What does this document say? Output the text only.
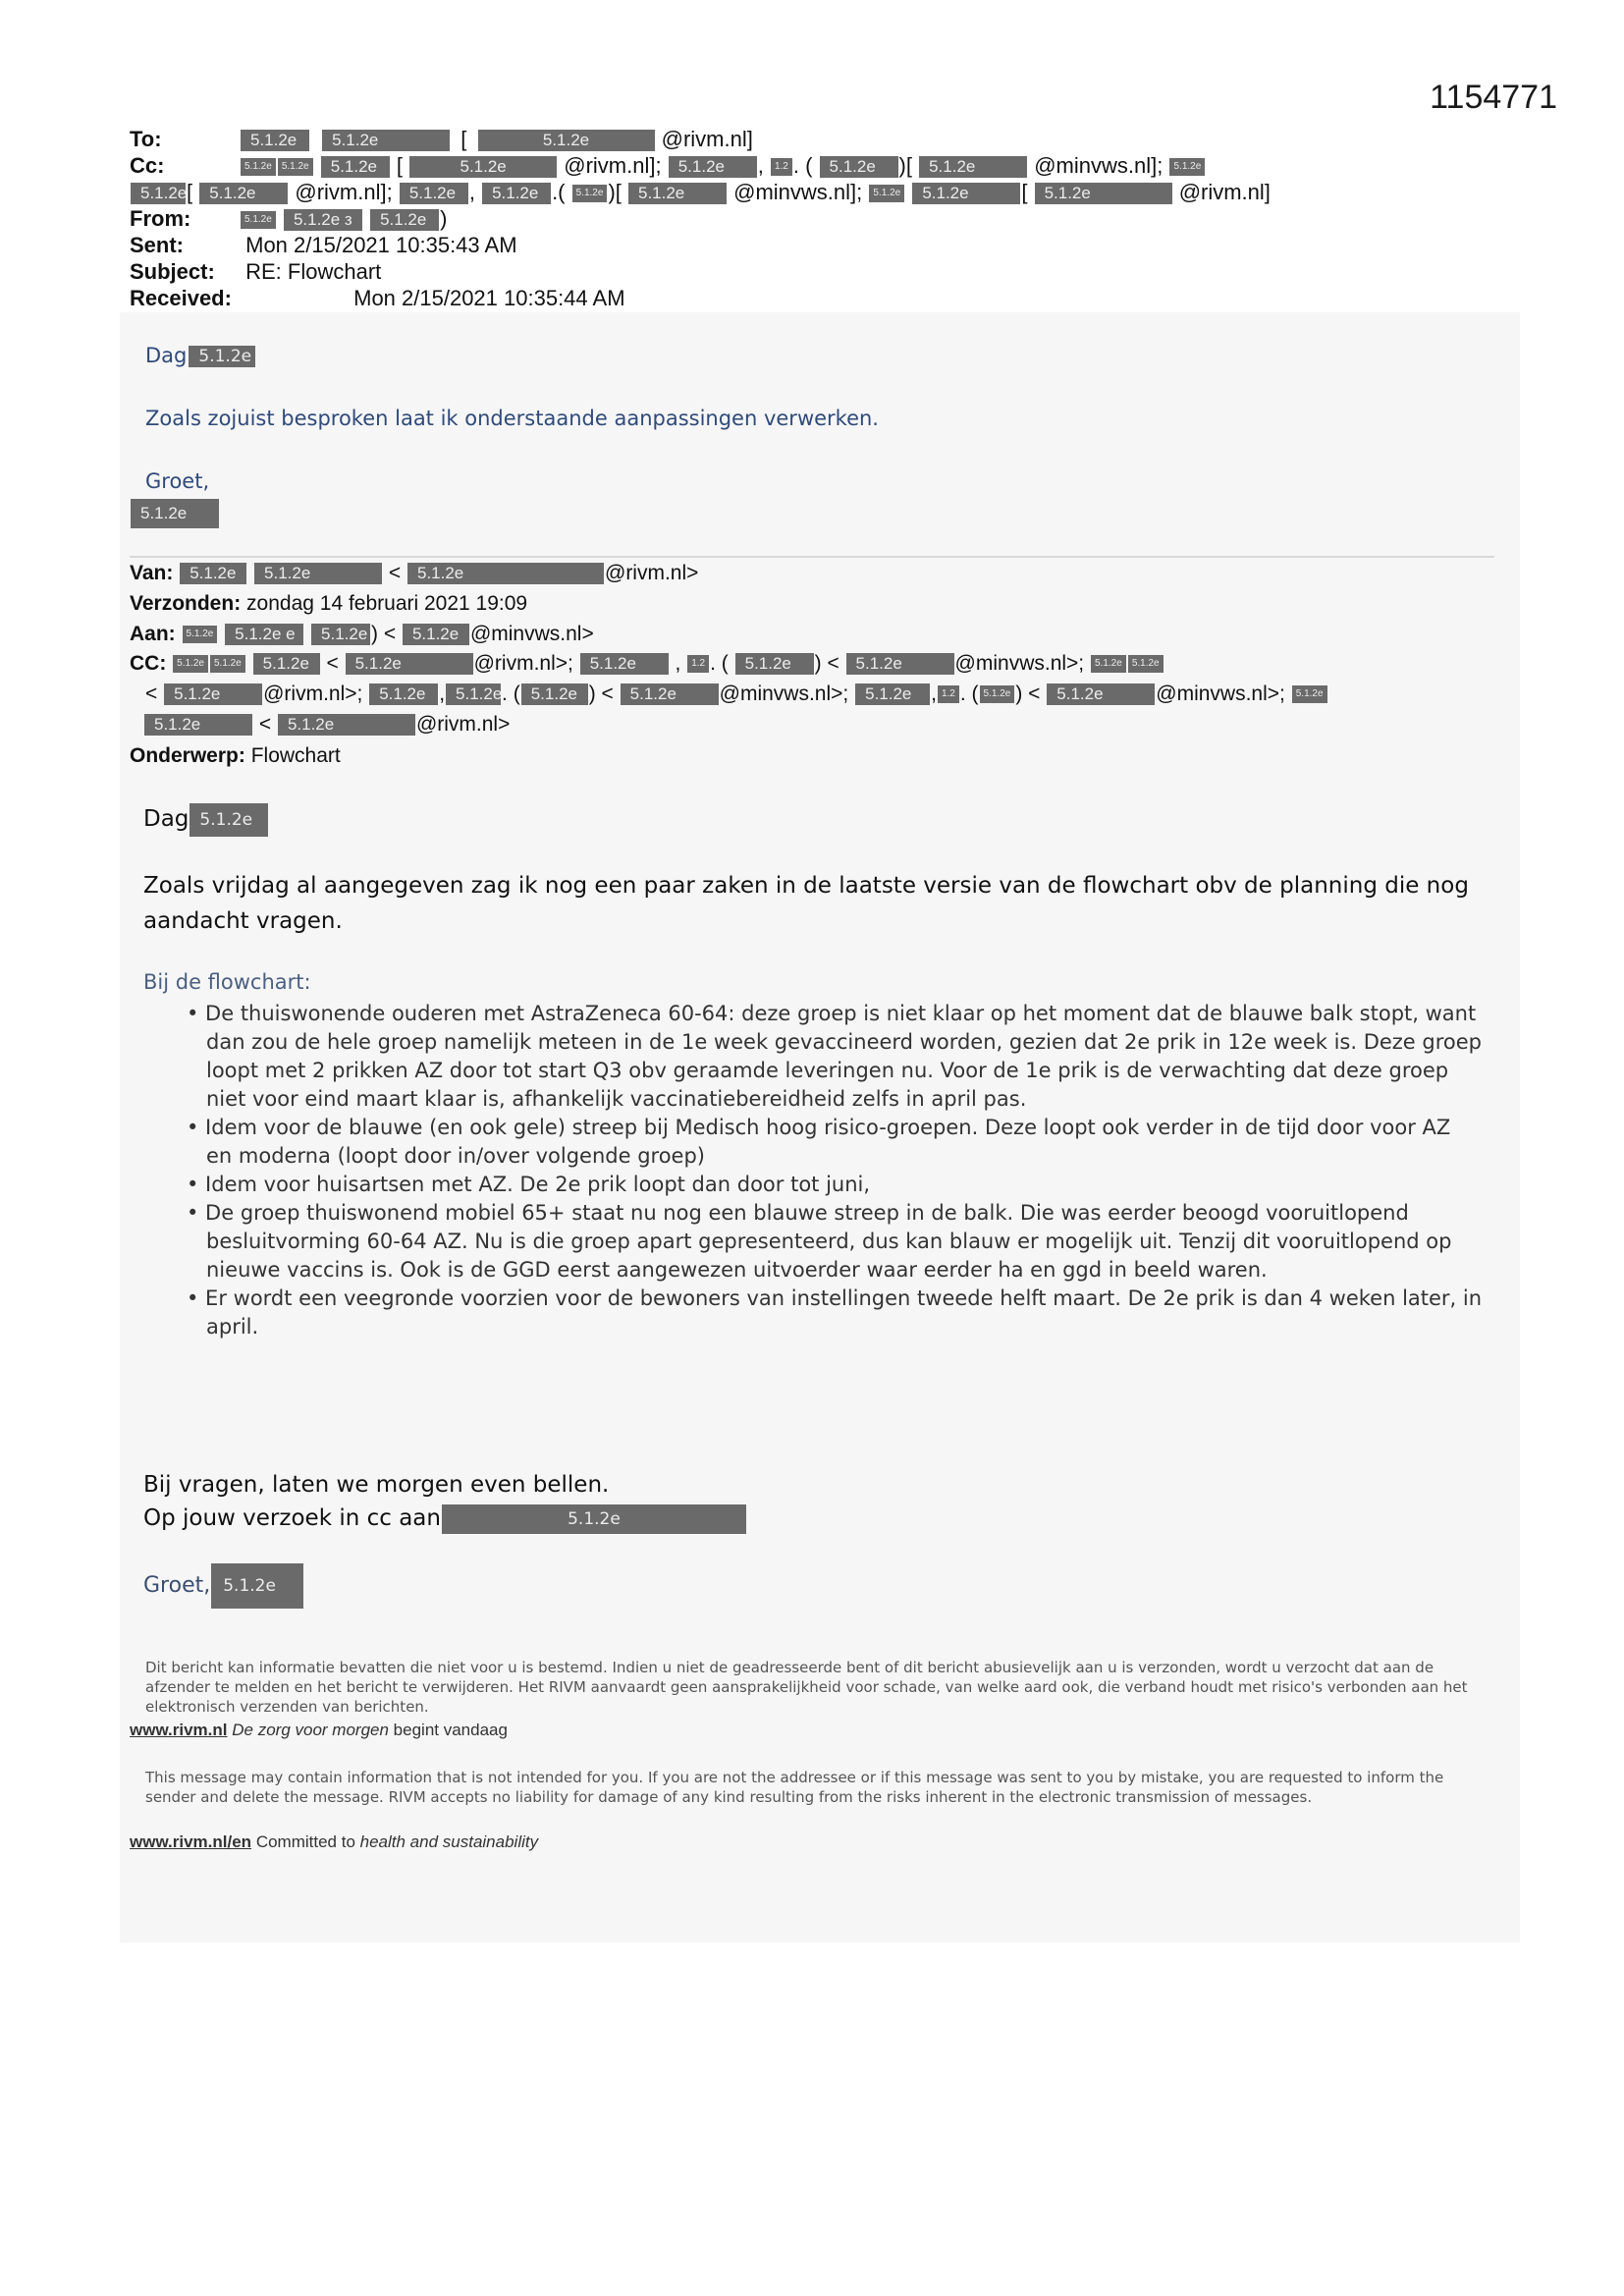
1154771
To:	5.1.2e 5.1.2e	[	5.1.2e	@rivm.nl]
Cc:	5.1.2e 5.1.2e 5.1.2e [	5.1.2e	@rivm.nl]; 5.1.2e , 1.2 . ( 5.1.2e )[ 5.1.2e	@minvws.nl]; 5.1.2e
5.1.2e[ 5.1.2e @rivm.nl]; 5.1.2e , 5.1.2e .( 5.1.2e )[ 5.1.2e @minvws.nl]; 5.1.2e 5.1.2e [ 5.1.2e	@rivm.nl]
From:	5.1.2e 5.1.2e з 5.1.2e )
Sent:	Mon 2/15/2021 10:35:43 AM
Subject: RE: Flowchart
Received:	Mon 2/15/2021 10:35:44 AM
Dag 5.1.2e
Zoals zojuist besproken laat ik onderstaande aanpassingen verwerken.
Groet,
5.1.2e
Van: 5.1.2e 5.1.2e	< 5.1.2e	@rivm.nl>
Verzonden: zondag 14 februari 2021 19:09
Aan: 5.1.2e 5.1.2e e 5.1.2e ) < 5.1.2e @minvws.nl>
CC: 5.1.2e 5.1.2e 5.1.2e < 5.1.2e	@rivm.nl>; 5.1.2e , 1.2 . ( 5.1.2e ) < 5.1.2e	@minvws.nl>; 5.1.2e 5.1.2e
< 5.1.2e @rivm.nl>; 5.1.2e , 5.1.2e. ( 5.1.2e ) < 5.1.2e @minvws.nl>; 5.1.2e , 1.2 . ( 5.1.2e ) < 5.1.2e	@minvws.nl>; 5.1.2e
5.1.2e	< 5.1.2e	@rivm.nl>
Onderwerp: Flowchart
Dag 5.1.2e
Zoals vrijdag al aangegeven zag ik nog een paar zaken in de laatste versie van de flowchart obv de planning die nog aandacht vragen.
Bij de flowchart:
• De thuiswonende ouderen met AstraZeneca 60-64: deze groep is niet klaar op het moment dat de blauwe balk stopt, want dan zou de hele groep namelijk meteen in de 1e week gevaccineerd worden, gezien dat 2e prik in 12e week is. Deze groep loopt met 2 prikken AZ door tot start Q3 obv geraamde leveringen nu. Voor de 1e prik is de verwachting dat deze groep niet voor eind maart klaar is, afhankelijk vaccinatiebereidheid zelfs in april pas.
• Idem voor de blauwe (en ook gele) streep bij Medisch hoog risico-groepen. Deze loopt ook verder in de tijd door voor AZ en moderna (loopt door in/over volgende groep)
• Idem voor huisartsen met AZ. De 2e prik loopt dan door tot juni,
• De groep thuiswonend mobiel 65+ staat nu nog een blauwe streep in de balk. Die was eerder beoogd vooruitlopend besluitvorming 60-64 AZ. Nu is die groep apart gepresenteerd, dus kan blauw er mogelijk uit. Tenzij dit vooruitlopend op nieuwe vaccins is. Ook is de GGD eerst aangewezen uitvoerder waar eerder ha en ggd in beeld waren.
• Er wordt een veegronde voorzien voor de bewoners van instellingen tweede helft maart. De 2e prik is dan 4 weken later, in april.
Bij vragen, laten we morgen even bellen.
Op jouw verzoek in cc aan	5.1.2e
Groet, 5.1.2e
Dit bericht kan informatie bevatten die niet voor u is bestemd. Indien u niet de geadresseerde bent of dit bericht abusievelijk aan u is verzonden, wordt u verzocht dat aan de afzender te melden en het bericht te verwijderen. Het RIVM aanvaardt geen aansprakelijkheid voor schade, van welke aard ook, die verband houdt met risico's verbonden aan het elektronisch verzenden van berichten.
www.rivm.nl De zorg voor morgen begint vandaag
This message may contain information that is not intended for you. If you are not the addressee or if this message was sent to you by mistake, you are requested to inform the sender and delete the message. RIVM accepts no liability for damage of any kind resulting from the risks inherent in the electronic transmission of messages.
www.rivm.nl/en Committed to health and sustainability
